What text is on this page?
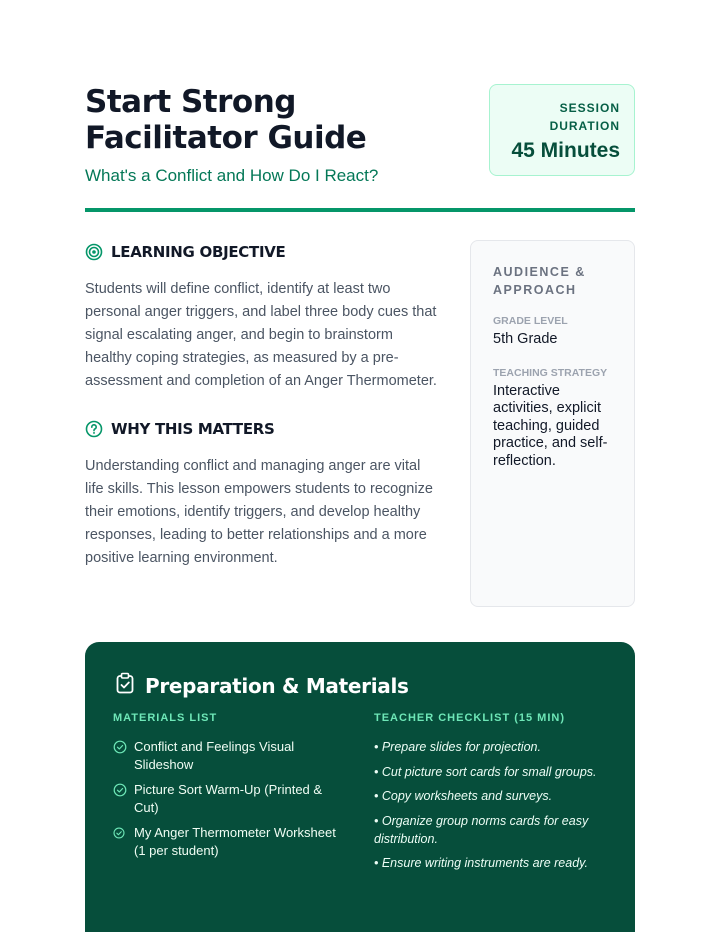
Start Strong Facilitator Guide
What's a Conflict and How Do I React?
SESSION DURATION
45 Minutes
LEARNING OBJECTIVE

Students will define conflict, identify at least two personal anger triggers, and label three body cues that signal escalating anger, and begin to brainstorm healthy coping strategies, as measured by a pre-assessment and completion of an Anger Thermometer.

WHY THIS MATTERS

Understanding conflict and managing anger are vital life skills. This lesson empowers students to recognize their emotions, identify triggers, and develop healthy responses, leading to better relationships and a more positive learning environment.

AUDIENCE & APPROACH
GRADE LEVEL
5th Grade
TEACHING STRATEGY
Interactive activities, explicit teaching, guided practice, and self-reflection.
Preparation & Materials
MATERIALS LIST
Conflict and Feelings Visual Slideshow
Picture Sort Warm-Up (Printed & Cut)
My Anger Thermometer Worksheet (1 per student)
TEACHER CHECKLIST (15 MIN)
• Prepare slides for projection.
• Cut picture sort cards for small groups.
• Copy worksheets and surveys.
• Organize group norms cards for easy distribution.
• Ensure writing instruments are ready.
